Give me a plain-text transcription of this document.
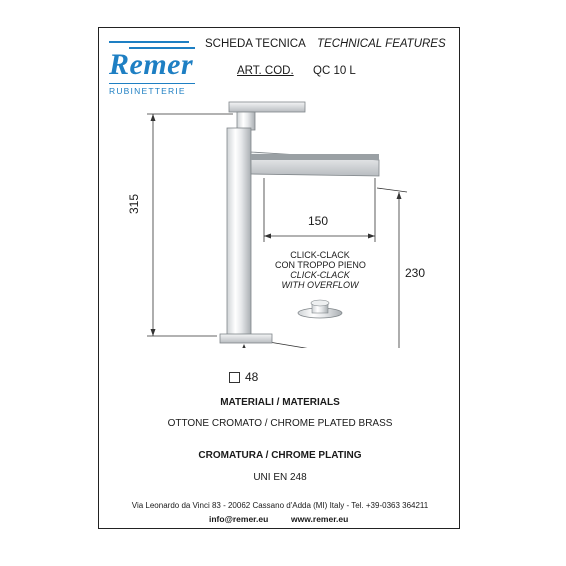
Remer
RUBINETTERIE
SCHEDA TECNICA TECHNICAL FEATURES
ART. COD. QC 10 L
315
150
230
48
CLICK-CLACK
CON TROPPO PIENO
CLICK-CLACK
WITH OVERFLOW
MATERIALI / MATERIALS
OTTONE CROMATO / CHROME PLATED BRASS
CROMATURA / CHROME PLATING
UNI EN 248
Via Leonardo da Vinci 83 - 20062 Cassano d'Adda (MI) Italy - Tel. +39-0363 364211
info@remer.eu	www.remer.eu
